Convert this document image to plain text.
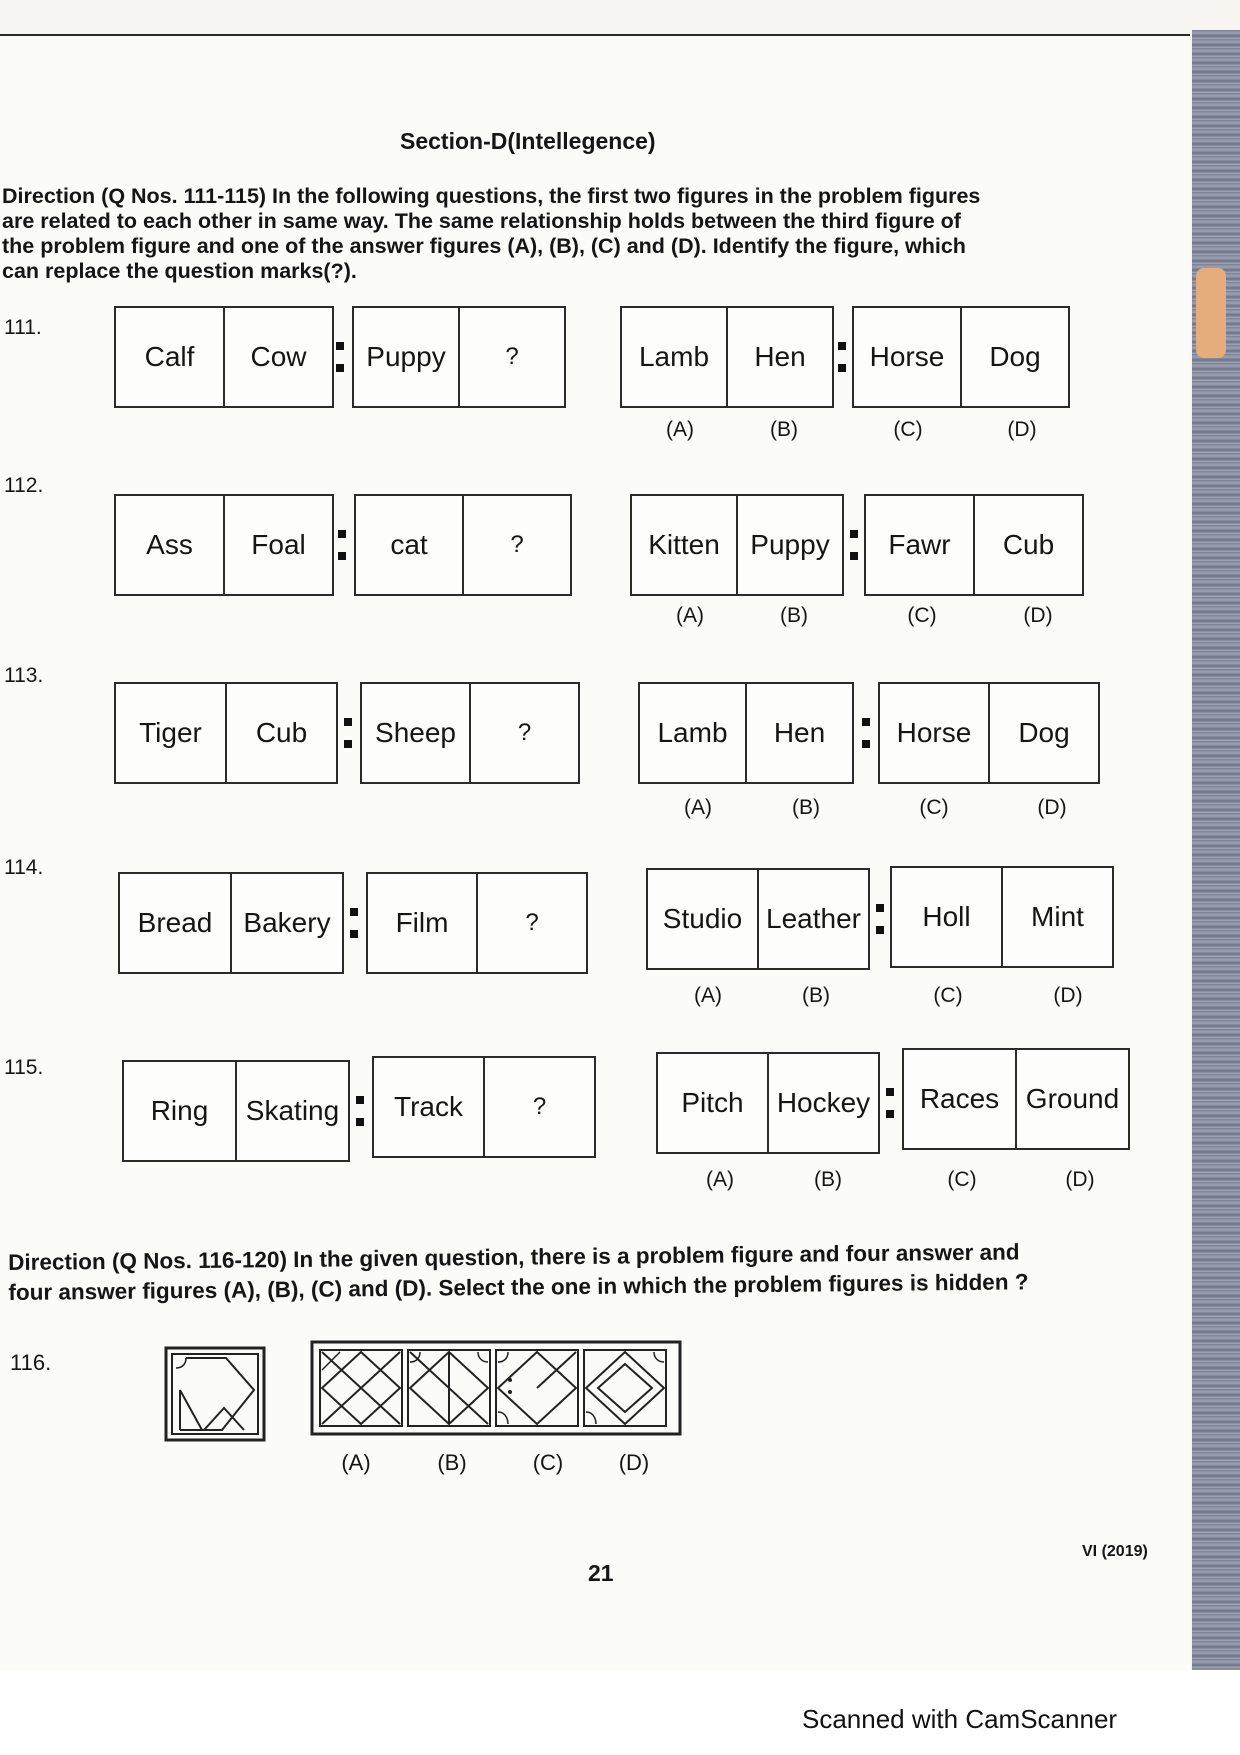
Section-D(Intellegence)
Direction (Q Nos. 111-115) In the following questions, the first two figures in the problem figures
are related to each other in same way. The same relationship holds between the third figure of
the problem figure and one of the answer figures (A), (B), (C) and (D). Identify the figure, which
can replace the question marks(?).
111.
Calf	Cow	Puppy	?	Lamb	Hen	Horse	Dog
(A)	(B)	(C)	(D)
112.
Ass	Foal	cat	?	Kitten	Puppy	Fawr	Cub
(A)	(B)	(C)	(D)
113.
Tiger	Cub	Sheep	?	Lamb	Hen	Horse	Dog
(A)	(B)	(C)	(D)
114.
Bread	Bakery	Film	?	Studio Leather	Holl	Mint
(A)	(B)	(C)	(D)
115.
Ring	Skating	Track	?	Pitch	Hockey	Races Ground
(A)	(B)	(C)	(D)
Direction (Q Nos. 116-120) In the given question, there is a problem figure and four answer and
four answer figures (A), (B), (C) and (D). Select the one in which the problem figures is hidden ?
116.
(A)	(B)	(C)	(D)
21
VI (2019)
Scanned with CamScanner
